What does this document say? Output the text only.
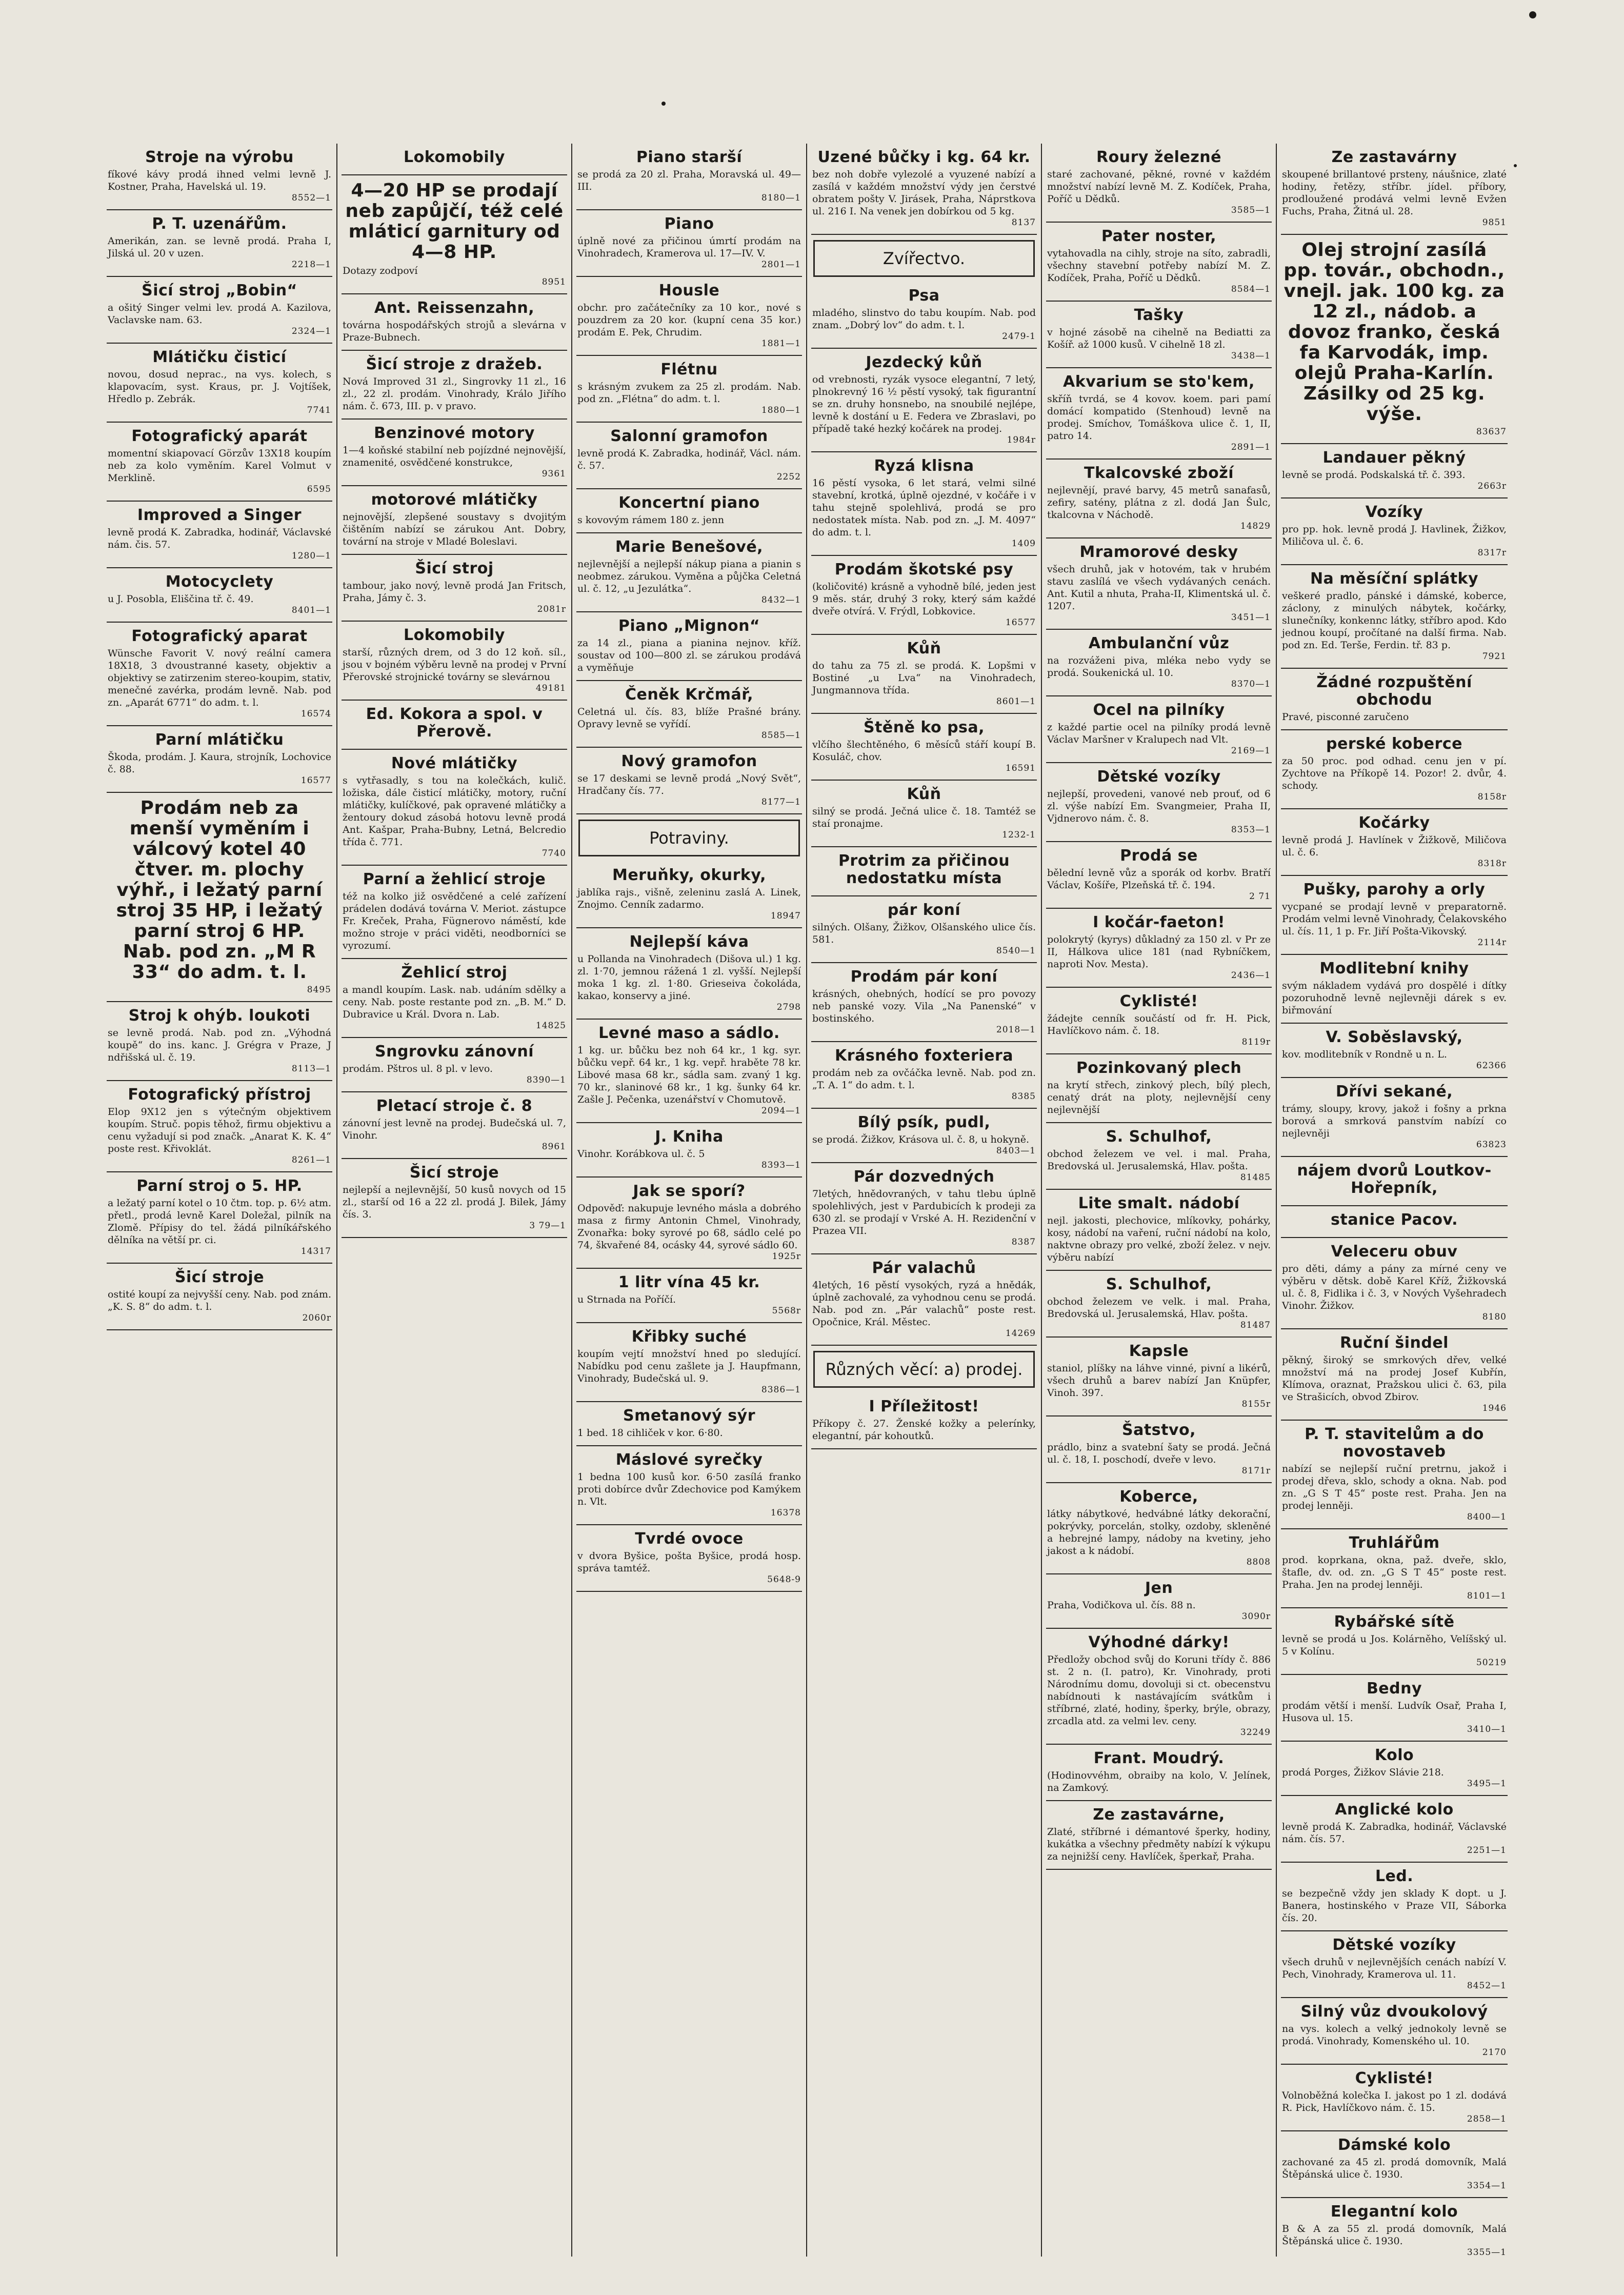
Stroje na výrobu
fíkové kávy prodá ihned velmi levně J. Kostner, Praha, Havelská ul. 19.
8552—1
P. T. uzenářům.
Amerikán, zan. se levně prodá. Praha I, Jilská ul. 20 v uzen.
2218—1
Šicí stroj „Bobin“
a ošitý Singer velmi lev. prodá A. Kazilova, Vaclavske nam. 63.
2324—1
Mlátičku čisticí
novou, dosud neprac., na vys. kolech, s klapovacím, syst. Kraus, pr. J. Vojtíšek, Hředlo p. Zebrák.
7741
Fotografický aparát
momentní skiapovací Görzův 13X18 koupím neb za kolo vyměním. Karel Volmut v Merklině.
6595
Improved a Singer
levně prodá K. Zabradka, hodinář, Václavské nám. čis. 57.
1280—1
Motocyclety
u J. Posobla, Eliščina tř. č. 49.
8401—1
Fotografický aparat
Wünsche Favorit V. nový reální camera 18X18, 3 dvoustranné kasety, objektiv a objektivy se zatirzenim stereo-koupim, stativ, menečné zavérka, prodám levně. Nab. pod zn. „Aparát 6771“ do adm. t. l.
16574
Parní mlátičku
Škoda, prodám. J. Kaura, strojník, Lochovice č. 88.
16577
Prodám neb za menší vyměním i válcový kotel 40 čtver. m. plochy výhř., i ležatý parní stroj 35 HP, i ležatý parní stroj 6 HP. Nab. pod zn. „M R 33“ do adm. t. l.
8495
Stroj k ohýb. loukoti
se levně prodá. Nab. pod zn. „Výhodná koupě“ do ins. kanc. J. Grégra v Praze, J ndřišská ul. č. 19.
8113—1
Fotografický přístroj
Elop 9X12 jen s výtečným objektivem koupím. Struč. popis těhož, firmu objektivu a cenu vyžadují si pod značk. „Anarat K. K. 4“ poste rest. Křivoklát.
8261—1
Parní stroj o 5. HP.
a ležatý parní kotel o 10 čtm. top. p. 6½ atm. přetl., prodá levně Karel Doležal, pilník na Zlomě. Přípisy do tel. žádá pilníkářského dělníka na větší pr. ci.
14317
Šicí stroje
ostité koupí za nejvyšší ceny. Nab. pod znám. „K. S. 8“ do adm. t. l.
2060r
Lokomobily
4—20 HP se prodají neb zapůjčí, též celé mláticí garnitury od 4—8 HP.
Dotazy zodpoví
8951
Ant. Reissenzahn,
továrna hospodářských strojů a slevárna v Praze-Bubnech.
Šicí stroje z dražeb.
Nová Improved 31 zl., Singrovky 11 zl., 16 zl., 22 zl. prodám. Vinohrady, Králo Jiřího nám. č. 673, III. p. v pravo.
Benzinové motory
1—4 koňské stabilní neb pojízdné nejnovější, znamenité, osvědčené konstrukce,
9361
motorové mlátičky
nejnovější, zlepšené soustavy s dvojitým čištěním nabízí se zárukou Ant. Dobry, tovární na stroje v Mladé Boleslavi.
Šicí stroj
tambour, jako nový, levně prodá Jan Fritsch, Praha, Jámy č. 3.
2081r
Lokomobily
starší, různých drem, od 3 do 12 koň. síl., jsou v bojném výběru levně na prodej v První Přerovské strojnické továrny se slevárnou
49181
Ed. Kokora a spol. v Přerově.
Nové mlátičky
s vytřasadly, s tou na kolečkách, kulič. ložiska, dále čisticí mlátičky, motory, ruční mlátičky, kulíčkové, pak opravené mlátičky a žentoury dokud zásobá hotovu levně prodá Ant. Kašpar, Praha-Bubny, Letná, Belcredio třída č. 771.
7740
Parní a žehlicí stroje
též na kolko již osvědčené a celé zařízení prádelen dodává továrna V. Meriot. zástupce Fr. Kreček, Praha, Fügnerovo náměstí, kde možno stroje v práci viděti, neodborníci se vyrozumí.
Žehlicí stroj
a mandl koupím. Lask. nab. udáním sdělky a ceny. Nab. poste restante pod zn. „B. M.“ D. Dubravice u Král. Dvora n. Lab.
14825
Sngrovku zánovní
prodám. Pštros ul. 8 pl. v levo.
8390—1
Pletací stroje č. 8
zánovní jest levně na prodej. Budečská ul. 7, Vinohr.
8961
Šicí stroje
nejlepší a nejlevnější, 50 kusů novych od 15 zl., starší od 16 a 22 zl. prodá J. Bilek, Jámy čís. 3.
3 79—1
Piano starší
se prodá za 20 zl. Praha, Moravská ul. 49—III.
8180—1
Piano
úplně nové za přičinou úmrtí prodám na Vinohradech, Kramerova ul. 17—IV. V.
2801—1
Housle
obchr. pro začátečníky za 10 kor., nové s pouzdrem za 20 kor. (kupní cena 35 kor.) prodám E. Pek, Chrudim.
1881—1
Flétnu
s krásným zvukem za 25 zl. prodám. Nab. pod zn. „Flétna“ do adm. t. l.
1880—1
Salonní gramofon
levně prodá K. Zabradka, hodinář, Václ. nám. č. 57.
2252
Koncertní piano
s kovovým rámem 180 z. jenn
Marie Benešové,
nejlevnější a nejlepší nákup piana a pianin s neobmez. zárukou. Vyměna a půjčka Celetná ul. č. 12, „u Jezulátka“.
8432—1
Piano „Mignon“
za 14 zl., piana a pianina nejnov. kříž. soustav od 100—800 zl. se zárukou prodává a vyměňuje
Čeněk Krčmář,
Celetná ul. čís. 83, blíže Prašné brány. Opravy levně se vyřídí.
8585—1
Nový gramofon
se 17 deskami se levně prodá „Nový Svět“, Hradčany čís. 77.
8177—1
Potraviny.
Meruňky, okurky,
jablíka rajs., višně, zeleninu zaslá A. Linek, Znojmo. Cenník zadarmo.
18947
Nejlepší káva
u Pollanda na Vinohradech (Dišova ul.) 1 kg. zl. 1·70, jemnou rážená 1 zl. vyšší. Nejlepší moka 1 kg. zl. 1·80. Grieseiva čokoláda, kakao, konservy a jiné.
2798
Levné maso a sádlo.
1 kg. ur. bůčku bez noh 64 kr., 1 kg. syr. bůčku vepř. 64 kr., 1 kg. vepř. hraběte 78 kr. Libové masa 68 kr., sádla sam. zvaný 1 kg. 70 kr., slaninové 68 kr., 1 kg. šunky 64 kr. Zašle J. Pečenka, uzenářství v Chomutově.
2094—1
J. Kniha
Vinohr. Korábkova ul. č. 5
8393—1
Jak se sporí?
Odpověď: nakupuje levného másla a dobrého masa z firmy Antonin Chmel, Vinohrady, Zvonařka: boky syrové po 68, sádlo celé po 74, škvařené 84, ocásky 44, syrové sádlo 60.
1925r
1 litr vína 45 kr.
u Strnada na Poříčí.
5568r
Křibky suché
koupím vejtí množství hned po sledující. Nabídku pod cenu zašlete ja J. Haupfmann, Vinohrady, Budečská ul. 9.
8386—1
Smetanový sýr
1 bed. 18 cihliček v kor. 6·80.
Máslové syrečky
1 bedna 100 kusů kor. 6·50 zasílá franko proti dobírce dvůr Zdechovice pod Kamýkem n. Vlt.
16378
Tvrdé ovoce
v dvora Byšice, pošta Byšice, prodá hosp. správa tamtéž.
5648-9
Uzené bůčky i kg. 64 kr.
bez noh dobře vylezolé a vyuzené nabízí a zasílá v každém množství výdy jen čerstvé obratem pošty V. Jirásek, Praha, Náprstkova ul. 216 I. Na venek jen dobírkou od 5 kg.
8137
Zvířectvo.
Psa
mladého, slinstvo do tabu koupím. Nab. pod znam. „Dobrý lov“ do adm. t. l.
2479-1
Jezdecký kůň
od vrebnosti, ryzák vysoce elegantní, 7 letý, plnokrevný 16 ½ pěstí vysoký, tak figurantní se zn. druhy honsnebo, na snoubilé nejlépe, levně k dostání u E. Federa ve Zbraslavi, po případě také hezký kočárek na prodej.
1984r
Ryzá klisna
16 pěstí vysoka, 6 let stará, velmi silné stavební, krotká, úplně ojezdné, v kočáře i v tahu stejně spolehlivá, prodá se pro nedostatek místa. Nab. pod zn. „J. M. 4097“ do adm. t. l.
1409
Prodám škotské psy
(količovité) krásně a vyhodně bílé, jeden jest 9 měs. stár, druhý 3 roky, který sám každé dveře otvírá. V. Frýdl, Lobkovice.
16577
Kůň
do tahu za 75 zl. se prodá. K. Lopšmi v Bostiné „u Lva“ na Vinohradech, Jungmannova třída.
8601—1
Štěně ko psa,
vlčího šlechtěného, 6 měsíců stáří koupí B. Kosuláč, chov.
16591
Kůň
silný se prodá. Ječná ulice č. 18. Tamtéž se staí pronajme.
1232-1
Protrim za přičinou nedostatku místa
pár koní
silných. Olšany, Žižkov, Olšanského ulice čís. 581.
8540—1
Prodám pár koní
krásných, ohebných, hodící se pro povozy neb panské vozy. Vila „Na Panenské“ v bostinského.
2018—1
Krásného foxteriera
prodám neb za ovčáčka levně. Nab. pod zn. „T. A. 1“ do adm. t. l.
8385
Bílý psík, pudl,
se prodá. Žižkov, Krásova ul. č. 8, u hokyně.
8403—1
Pár dozvedných
7letých, hnědovraných, v tahu tlebu úplně spolehlivých, jest v Pardubicích k prodeji za 630 zl. se prodají v Vrské A. H. Rezidenční v Prazea VII.
8387
Pár valachů
4letých, 16 pěstí vysokých, ryzá a hnědák, úplně zachovalé, za vyhodnou cenu se prodá. Nab. pod zn. „Pár valachů“ poste rest. Opočnice, Král. Městec.
14269
Různých věcí: a) prodej.
I Příležitost!
Příkopy č. 27. Ženské kožky a pelerínky, elegantní, pár kohoutků.
Roury železné
staré zachované, pěkné, rovné v každém množství nabízí levně M. Z. Kodíček, Praha, Poříč u Dědků.
3585—1
Pater noster,
vytahovadla na cihly, stroje na síto, zabradli, všechny stavební potřeby nabízí M. Z. Kodíček, Praha, Poříč u Dědků.
8584—1
Tašky
v hojné zásobě na cihelně na Bediatti za Košíř. až 1000 kusů. V cihelně 18 zl.
3438—1
Akvarium se sto'kem,
skříň tvrdá, se 4 kovov. koem. pari pamí domácí kompatido (Stenhoud) levně na prodej. Smíchov, Tomáškova ulice č. 1, II, patro 14.
2891—1
Tkalcovské zboží
nejlevnějí, pravé barvy, 45 metrů sanafasů, zefiry, satény, plátna z zl. dodá Jan Šulc, tkalcovna v Náchodě.
14829
Mramorové desky
všech druhů, jak v hotovém, tak v hrubém stavu zaslílá ve všech vydávaných cenách. Ant. Kutil a nhuta, Praha-II, Klimentská ul. č. 1207.
3451—1
Ambulanční vůz
na rozváženi piva, mléka nebo vydy se prodá. Soukenická ul. 10.
8370—1
Ocel na pilníky
z každé partie ocel na pilníky prodá levně Václav Maršner v Kralupech nad Vlt.
2169—1
Dětské vozíky
nejlepší, provedeni, vanové neb prouť, od 6 zl. výše nabízí Em. Svangmeier, Praha II, Vjdnerovo nám. č. 8.
8353—1
Prodá se
bělední levně vůz a sporák od korbv. Bratří Václav, Košíře, Plzeňská tř. č. 194.
2 71
I kočár-faeton!
polokrytý (kyrys) důkladný za 150 zl. v Pr ze II, Hálkova ulice 181 (nad Rybníčkem, naproti Nov. Mesta).
2436—1
Cyklisté!
žádejte cenník součástí od fr. H. Pick, Havlíčkovo nám. č. 18.
8119r
Pozinkovaný plech
na krytí střech, zinkový plech, bílý plech, cenatý drát na ploty, nejlevnější ceny nejlevnější
S. Schulhof,
obchod železem ve vel. i mal. Praha, Bredovská ul. Jerusalemská, Hlav. pošta.
81485
Lite smalt. nádobí
nejl. jakosti, plechovice, mlíkovky, pohárky, kosy, nádobí na vaření, ruční nádobí na kolo, naktvne obrazy pro velké, zboží želez. v nejv. výběru nabízí
S. Schulhof,
obchod železem ve velk. i mal. Praha, Bredovská ul. Jerusalemská, Hlav. pošta.
81487
Kapsle
staniol, plíšky na láhve vinné, pivní a likérů, všech druhů a barev nabízí Jan Knüpfer, Vinoh. 397.
8155r
Šatstvo,
prádlo, binz a svatební šaty se prodá. Ječná ul. č. 18, I. poschodí, dveře v levo.
8171r
Koberce,
látky nábytkové, hedvábné látky dekorační, pokrývky, porcelán, stolky, ozdoby, skleněné a hebrejné lampy, nádoby na kvetiny, jeho jakost a k nádobí.
8808
Jen
Praha, Vodičkova ul. čís. 88 n.
3090r
Výhodné dárky!
Předložy obchod svůj do Koruni třídy č. 886 st. 2 n. (I. patro), Kr. Vinohrady, proti Národnímu domu, dovoluji si ct. obecenstvu nabídnouti k nastávajícím svátkům i stříbrné, zlaté, hodiny, šperky, brýle, obrazy, zrcadla atd. za velmi lev. ceny.
32249
Frant. Moudrý.
(Hodinovvéhm, obraiby na kolo, V. Jelínek, na Zamkový.
Ze zastavárne,
Zlaté, stříbrné i démantové šperky, hodiny, kukátka a všechny předměty nabízí k výkupu za nejnižší ceny. Havlíček, šperkař, Praha.
Ze zastavárny
skoupené brillantové prsteny, náušnice, zlaté hodiny, řetězy, stříbr. jídel. příbory, prodloužené prodává velmi levně Evžen Fuchs, Praha, Žitná ul. 28.
9851
Olej strojní zasílá pp. továr., obchodn., vnejl. jak. 100 kg. za 12 zl., nádob. a dovoz franko, česká fa Karvodák, imp. olejů Praha-Karlín. Zásilky od 25 kg. výše.
83637
Landauer pěkný
levně se prodá. Podskalská tř. č. 393.
2663r
Vozíky
pro pp. hok. levně prodá J. Havlinek, Žižkov, Miličova ul. č. 6.
8317r
Na měsíční splátky
veškeré pradlo, pánské i dámské, koberce, záclony, z minulých nábytek, kočárky, slunečníky, konkennc látky, stříbro apod. Kdo jednou koupí, pročítané na další firma. Nab. pod zn. Ed. Terše, Ferdin. tř. 83 p.
7921
Žádné rozpuštění obchodu
Pravé, pisconné zaručeno
perské koberce
za 50 proc. pod odhad. cenu jen v pí. Zychtove na Příkopě 14. Pozor! 2. dvůr, 4. schody.
8158r
Kočárky
levně prodá J. Havlínek v Žižkově, Miličova ul. č. 6.
8318r
Pušky, parohy a orly
vycpané se prodají levně v preparatorně. Prodám velmi levně Vinohrady, Čelakovského ul. čís. 11, 1 p. Fr. Jiří Pošta-Vikovský.
2114r
Modlitební knihy
svým nákladem vydává pro dospělé i dítky pozoruhodně levně nejlevněji dárek s ev. biřmování
V. Soběslavský,
kov. modlitebník v Rondně u n. L.
62366
Dřívi sekané,
trámy, sloupy, krovy, jakož i fošny a prkna borová a smrková panstvím nabízí co nejlevněji
63823
nájem dvorů Loutkov-Hořepník,
stanice Pacov.
Veleceru obuv
pro děti, dámy a pány za mírné ceny ve výběru v dětsk. době Karel Kříž, Žižkovská ul. č. 8, Fidlika i č. 3, v Nových Vyšehradech Vinohr. Žižkov.
8180
Ruční šindel
pěkný, široký se smrkových dřev, velké množství má na prodej Josef Kubřín, Klímova, oraznat, Pražskou ulici č. 63, pila ve Strašicích, obvod Zbirov.
1946
P. T. stavitelům a do novostaveb
nabízí se nejlepší ruční pretrnu, jakož i prodej dřeva, sklo, schody a okna. Nab. pod zn. „G S T 45“ poste rest. Praha. Jen na prodej lenněji.
8400—1
Truhlářům
prod. koprkana, okna, paž. dveře, sklo, štafle, dv. od. zn. „G S T 45“ poste rest. Praha. Jen na prodej lenněji.
8101—1
Rybářské sítě
levně se prodá u Jos. Kolárněho, Velíšský ul. 5 v Kolínu.
50219
Bedny
prodám větší i menší. Ludvík Osař, Praha I, Husova ul. 15.
3410—1
Kolo
prodá Porges, Žižkov Slávie 218.
3495—1
Anglické kolo
levně prodá K. Zabradka, hodinář, Václavské nám. čís. 57.
2251—1
Led.
se bezpečně vždy jen sklady K dopt. u J. Banera, hostinského v Praze VII, Sáborka čís. 20.
Dětské vozíky
všech druhů v nejlevnějších cenách nabízí V. Pech, Vinohrady, Kramerova ul. 11.
8452—1
Silný vůz dvoukolový
na vys. kolech a velký jednokoly levně se prodá. Vinohrady, Komenského ul. 10.
2170
Cyklisté!
Volnoběžná kolečka I. jakost po 1 zl. dodává R. Pick, Havlíčkovo nám. č. 15.
2858—1
Dámské kolo
zachované za 45 zl. prodá domovník, Malá Štěpánská ulice č. 1930.
3354—1
Elegantní kolo
B & A za 55 zl. prodá domovník, Malá Štěpánská ulice č. 1930.
3355—1
